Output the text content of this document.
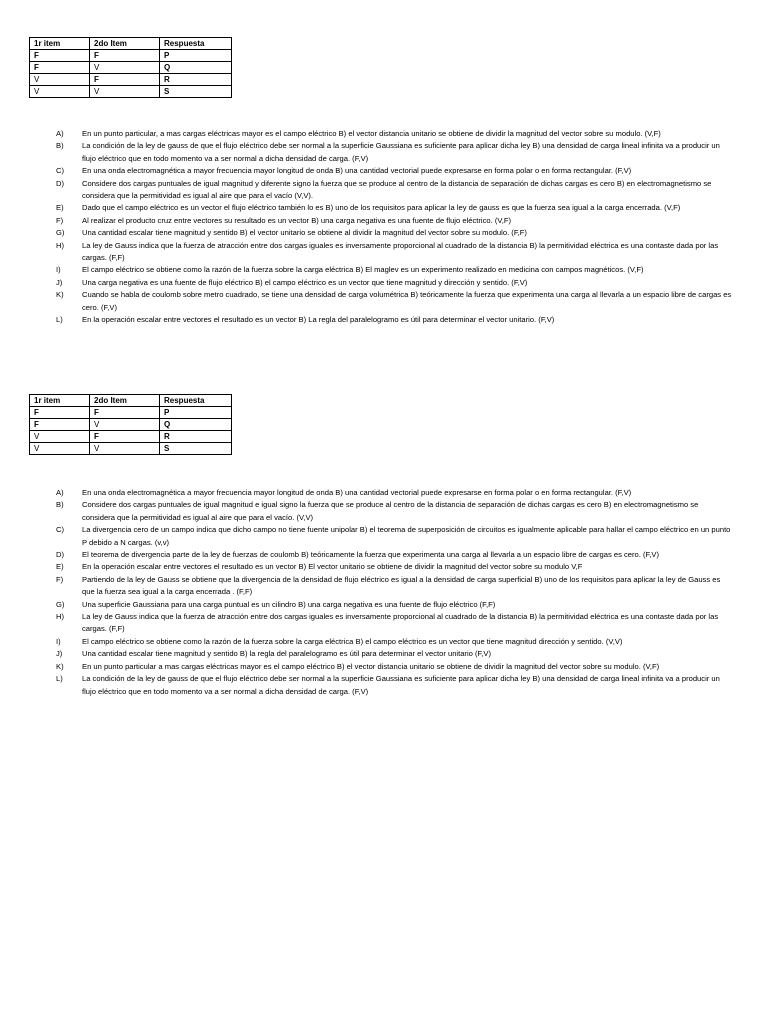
1r item	2do Item	Respuesta
F	F	P
F	V	Q
V	F	R
V	V	S
A)	En un punto particular, a mas cargas eléctricas mayor es el campo eléctrico B) el vector distancia unitario se obtiene de dividir la magnitud del vector sobre su modulo. (V,F)
B)	La condición de la ley de gauss de que el flujo eléctrico debe ser normal a la superficie Gaussiana es suficiente para aplicar dicha ley B) una densidad de carga lineal infinita va a producir un flujo eléctrico que en todo momento va a ser normal a dicha densidad de carga. (F,V)
C)	En una onda electromagnética a mayor frecuencia mayor longitud de onda B) una cantidad vectorial puede expresarse en forma polar o en forma rectangular. (F,V)
D)	Considere dos cargas puntuales de igual magnitud y diferente signo la fuerza que se produce al centro de la distancia de separación de dichas cargas es cero B) en electromagnetismo se considera que la permitividad es igual al aire que para el vacío (V,V).
E)	Dado que el campo eléctrico es un vector el flujo eléctrico también lo es B) uno de los requisitos para aplicar la ley de gauss es que la fuerza sea igual a la carga encerrada. (V,F)
F)	Al realizar el producto cruz entre vectores su resultado es un vector B) una carga negativa es una fuente de flujo eléctrico. (V,F)
G)	Una cantidad escalar tiene magnitud y sentido B) el vector unitario se obtiene al dividir la magnitud del vector sobre su modulo. (F,F)
H)	La ley de Gauss indica que la fuerza de atracción entre dos cargas iguales es inversamente proporcional al cuadrado de la distancia B) la permitividad eléctrica es una contaste dada por las cargas. (F,F)
I)	El campo eléctrico se obtiene como la razón de la fuerza sobre la carga eléctrica B) El maglev es un experimento realizado en medicina con campos magnéticos. (V,F)
J)	Una carga negativa es una fuente de flujo eléctrico B) el campo eléctrico es un vector que tiene magnitud y dirección y sentido. (F,V)
K)	Cuando se habla de coulomb sobre metro cuadrado, se tiene una densidad de carga volumétrica B) teóricamente la fuerza que experimenta una carga al llevarla a un espacio libre de cargas es cero. (F,V)
L)	En la operación escalar entre vectores el resultado es un vector B) La regla del paralelogramo es útil para determinar el vector unitario. (F,V)
1r item	2do Item	Respuesta
F	F	P
F	V	Q
V	F	R
V	V	S
A)	En una onda electromagnética a mayor frecuencia mayor longitud de onda B) una cantidad vectorial puede expresarse en forma polar o en forma rectangular. (F,V)
B)	Considere dos cargas puntuales de igual magnitud e igual signo la fuerza que se produce al centro de la distancia de separación de dichas cargas es cero B) en electromagnetismo se considera que la permitividad es igual al aire que para el vacío. (V,V)
C)	La divergencia cero de un campo indica que dicho campo no tiene fuente unipolar B) el teorema de superposición de circuitos es igualmente aplicable para hallar el campo eléctrico en un punto P debido a N cargas. (v,v)
D)	El teorema de divergencia parte de la ley de fuerzas de coulomb B) teóricamente la fuerza que experimenta una carga al llevarla a un espacio libre de cargas es cero. (F,V)
E)	En la operación escalar entre vectores el resultado es un vector B) El vector unitario se obtiene de dividir la magnitud del vector sobre su modulo V,F
F)	Partiendo de la ley de Gauss se obtiene que la divergencia de la densidad de flujo eléctrico es igual a la densidad de carga superficial B) uno de los requisitos para aplicar la ley de Gauss es que la fuerza sea igual a la carga encerrada . (F,F)
G)	Una superficie Gaussiana para una carga puntual es un cilindro B) una carga negativa es una fuente de flujo eléctrico (F,F)
H)	La ley de Gauss indica que la fuerza de atracción entre dos cargas iguales es inversamente proporcional al cuadrado de la distancia B) la permitividad eléctrica es una contaste dada por las cargas. (F,F)
I)	El campo eléctrico se obtiene como la razón de la fuerza sobre la carga eléctrica B) el campo eléctrico es un vector que tiene magnitud dirección y sentido. (V,V)
J)	Una cantidad escalar tiene magnitud y sentido B) la regla del paralelogramo es útil para determinar el vector unitario (F,V)
K)	En un punto particular a mas cargas eléctricas mayor es el campo eléctrico B) el vector distancia unitario se obtiene de dividir la magnitud del vector sobre su modulo. (V,F)
L)	La condición de la ley de gauss de que el flujo eléctrico debe ser normal a la superficie Gaussiana es suficiente para aplicar dicha ley B) una densidad de carga lineal infinita va a producir un flujo eléctrico que en todo momento va a ser normal a dicha densidad de carga. (F,V)
